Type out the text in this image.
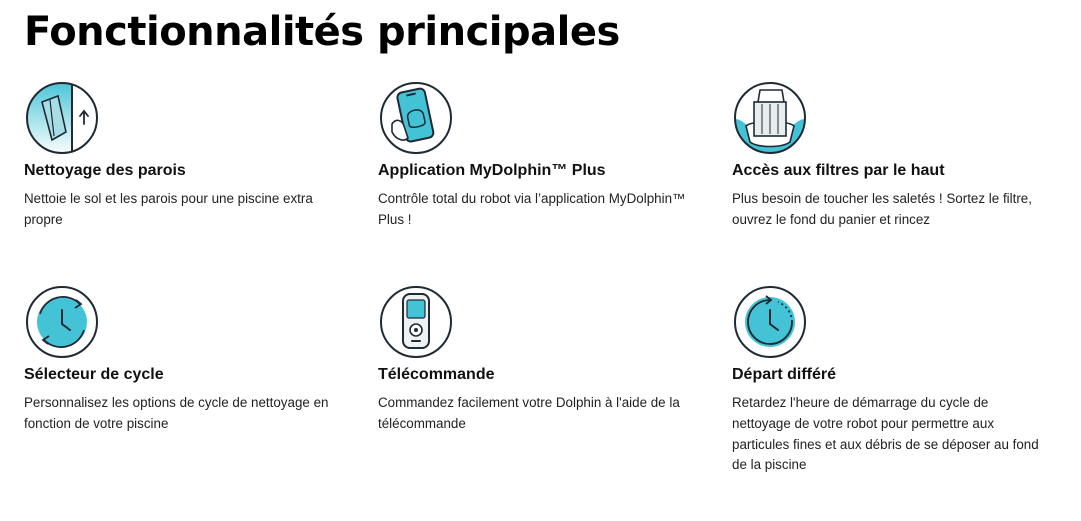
Fonctionnalités principales
Nettoyage des parois

Nettoie le sol et les parois pour une piscine extra propre

Application MyDolphin™ Plus

Contrôle total du robot via l’application MyDolphin™ Plus !

Accès aux filtres par le haut

Plus besoin de toucher les saletés ! Sortez le filtre, ouvrez le fond du panier et rincez

Sélecteur de cycle

Personnalisez les options de cycle de nettoyage en fonction de votre piscine

Télécommande

Commandez facilement votre Dolphin à l'aide de la télécommande

Départ différé

Retardez l'heure de démarrage du cycle de nettoyage de votre robot pour permettre aux particules fines et aux débris de se déposer au fond de la piscine
